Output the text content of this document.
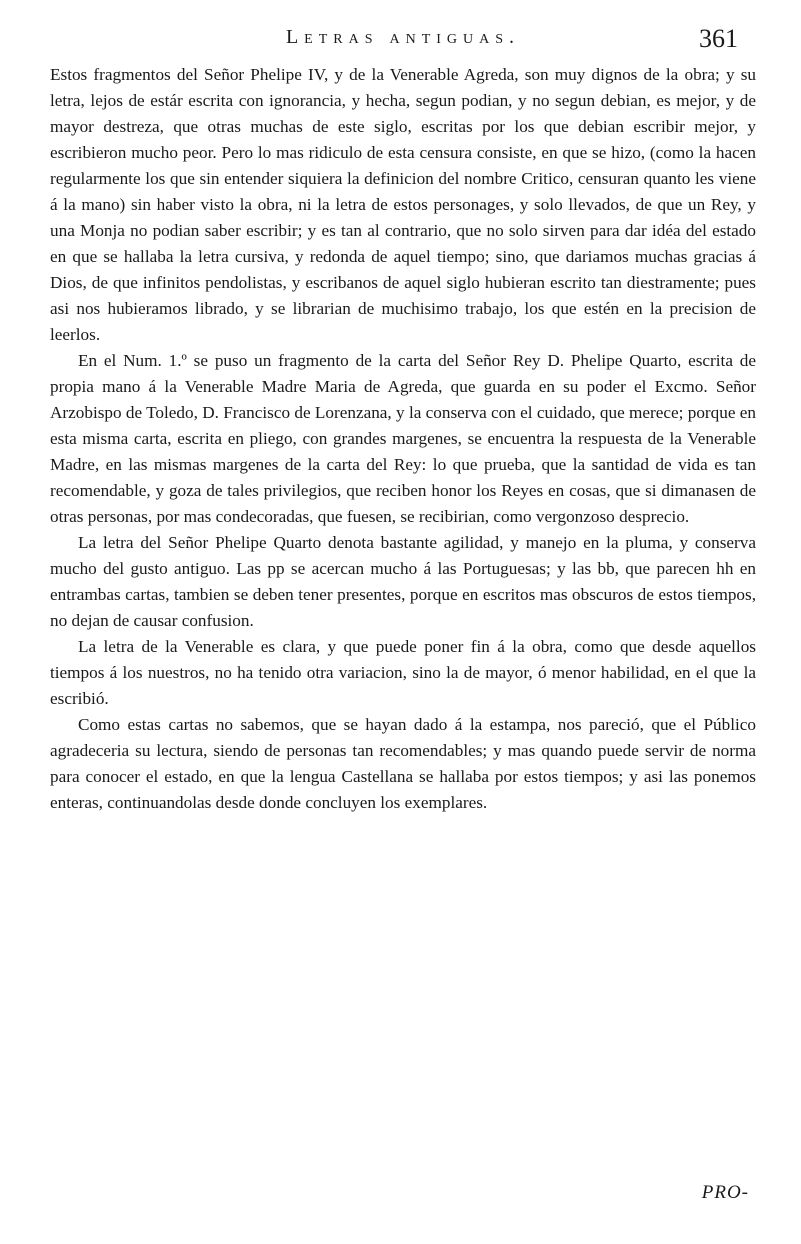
Letras antiguas.	361

Estos fragmentos del Señor Phelipe IV, y de la Venerable Agreda, son muy dignos de la obra; y su letra, lejos de estár escrita con ignorancia, y hecha, segun podian, y no segun debian, es mejor, y de mayor destreza, que otras muchas de este siglo, escritas por los que debian escribir mejor, y escribieron mucho peor. Pero lo mas ridiculo de esta censura consiste, en que se hizo, (como la hacen regularmente los que sin entender siquiera la definicion del nombre Critico, censuran quanto les viene á la mano) sin haber visto la obra, ni la letra de estos personages, y solo llevados, de que un Rey, y una Monja no podian saber escribir; y es tan al contrario, que no solo sirven para dar idéa del estado en que se hallaba la letra cursiva, y redonda de aquel tiempo; sino, que dariamos muchas gracias á Dios, de que infinitos pendolistas, y escribanos de aquel siglo hubieran escrito tan diestramente; pues asi nos hubieramos librado, y se librarian de muchisimo trabajo, los que estén en la precision de leerlos.

En el Num. 1.º se puso un fragmento de la carta del Señor Rey D. Phelipe Quarto, escrita de propia mano á la Venerable Madre Maria de Agreda, que guarda en su poder el Excmo. Señor Arzobispo de Toledo, D. Francisco de Lorenzana, y la conserva con el cuidado, que merece; porque en esta misma carta, escrita en pliego, con grandes margenes, se encuentra la respuesta de la Venerable Madre, en las mismas margenes de la carta del Rey: lo que prueba, que la santidad de vida es tan recomendable, y goza de tales privilegios, que reciben honor los Reyes en cosas, que si dimanasen de otras personas, por mas condecoradas, que fuesen, se recibirian, como vergonzoso desprecio.

La letra del Señor Phelipe Quarto denota bastante agilidad, y manejo en la pluma, y conserva mucho del gusto antiguo. Las pp se acercan mucho á las Portuguesas; y las bb, que parecen hh en entrambas cartas, tambien se deben tener presentes, porque en escritos mas obscuros de estos tiempos, no dejan de causar confusion.

La letra de la Venerable es clara, y que puede poner fin á la obra, como que desde aquellos tiempos á los nuestros, no ha tenido otra variacion, sino la de mayor, ó menor habilidad, en el que la escribió.

Como estas cartas no sabemos, que se hayan dado á la estampa, nos pareció, que el Público agradeceria su lectura, siendo de personas tan recomendables; y mas quando puede servir de norma para conocer el estado, en que la lengua Castellana se hallaba por estos tiempos; y asi las ponemos enteras, continuandolas desde donde concluyen los exemplares.

PRO-
